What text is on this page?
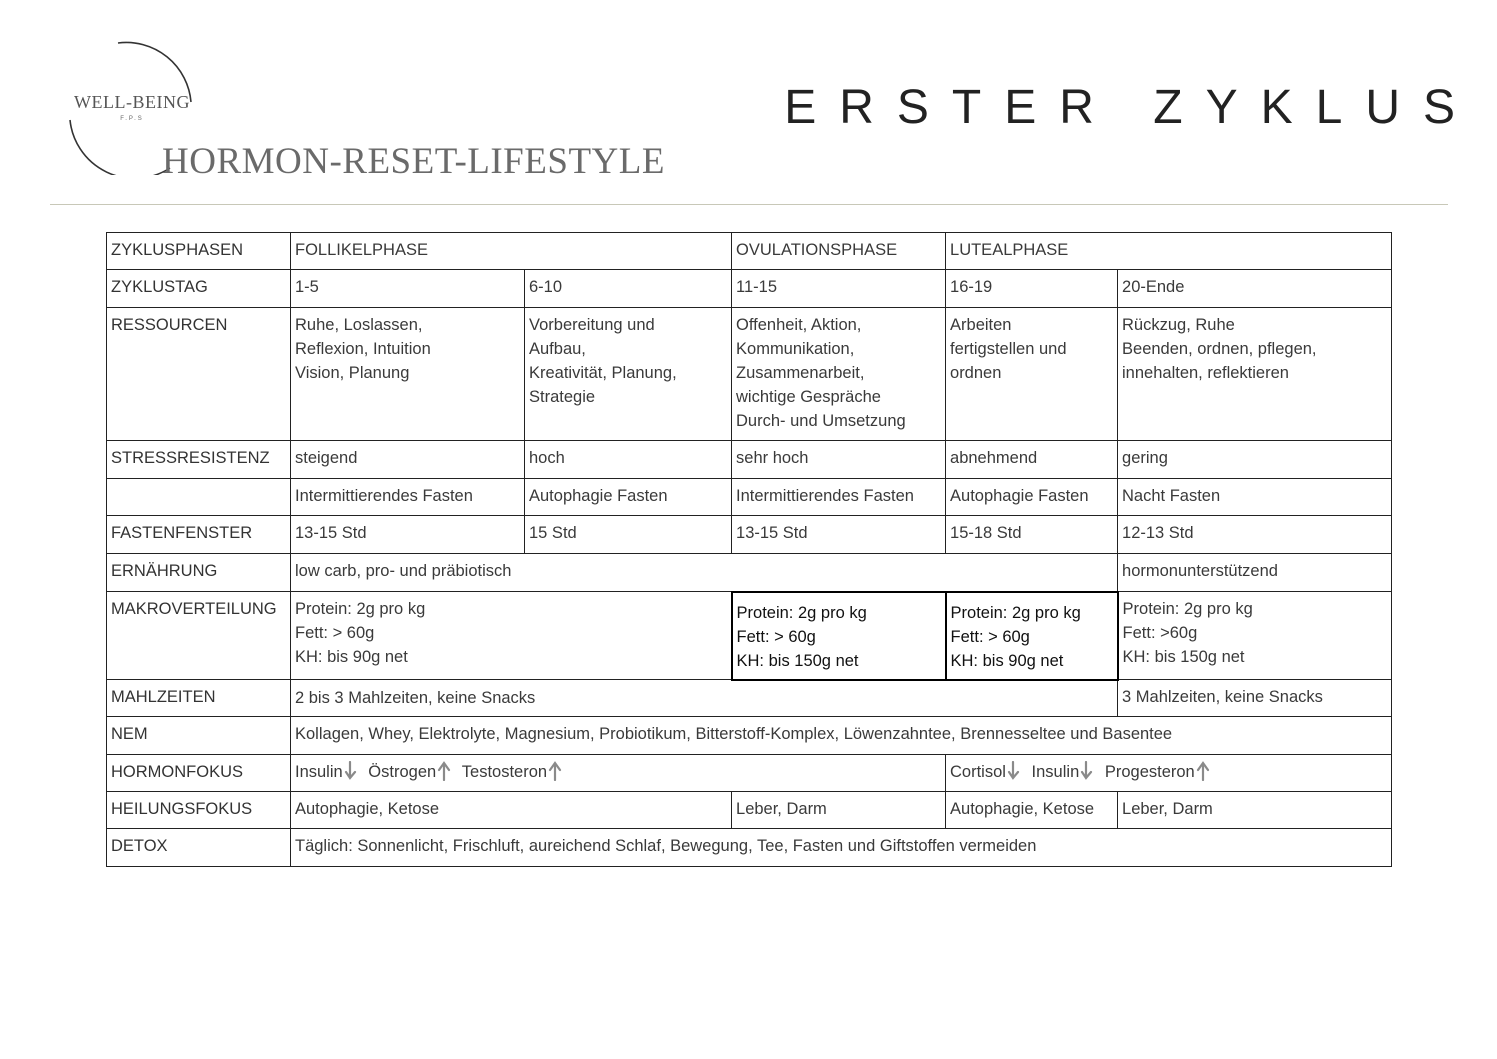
WELL-BEING
F.P.S
HORMON-RESET-LIFESTYLE
ERSTER ZYKLUS
ZYKLUSPHASEN	FOLLIKELPHASE		OVULATIONSPHASE	LUTEALPHASE	
ZYKLUSTAG	1-5	6-10	11-15	16-19	20-Ende
RESSOURCEN	Ruhe, Loslassen,
Reflexion, Intuition
Vision, Planung	Vorbereitung und
Aufbau,
Kreativität, Planung,
Strategie	Offenheit, Aktion,
Kommunikation,
Zusammenarbeit,
wichtige Gespräche
Durch- und Umsetzung	Arbeiten
fertigstellen und
ordnen	Rückzug, Ruhe
Beenden, ordnen, pflegen,
innehalten, reflektieren

STRESSRESISTENZ	steigend	hoch	sehr hoch	abnehmend	gering
	Intermittierendes Fasten	Autophagie Fasten	Intermittierendes Fasten	Autophagie Fasten	Nacht Fasten
FASTENFENSTER	13-15 Std	15 Std	13-15 Std	15-18 Std	12-13 Std
ERNÄHRUNG	low carb, pro- und präbiotisch				hormonunterstützend
MAKROVERTEILUNG	Protein: 2g pro kg
Fett: > 60g
KH: bis 90g net		Protein: 2g pro kg
Fett: > 60g
KH: bis 150g net	Protein: 2g pro kg
Fett: > 60g
KH: bis 90g net	Protein: 2g pro kg
Fett: >60g
KH: bis 150g net

MAHLZEITEN	2 bis 3 Mahlzeiten, keine Snacks				3 Mahlzeiten, keine Snacks
NEM	Kollagen, Whey, Elektrolyte, Magnesium, Probiotikum, Bitterstoff-Komplex, Löwenzahntee, Brennesseltee und Basentee				
HORMONFOKUS	Insulin Östrogen Testosteron			Cortisol Insulin Progesteron	
HEILUNGSFOKUS	Autophagie, Ketose		Leber, Darm	Autophagie, Ketose	Leber, Darm
DETOX	Täglich: Sonnenlicht, Frischluft, aureichend Schlaf, Bewegung, Tee, Fasten und Giftstoffen vermeiden				
